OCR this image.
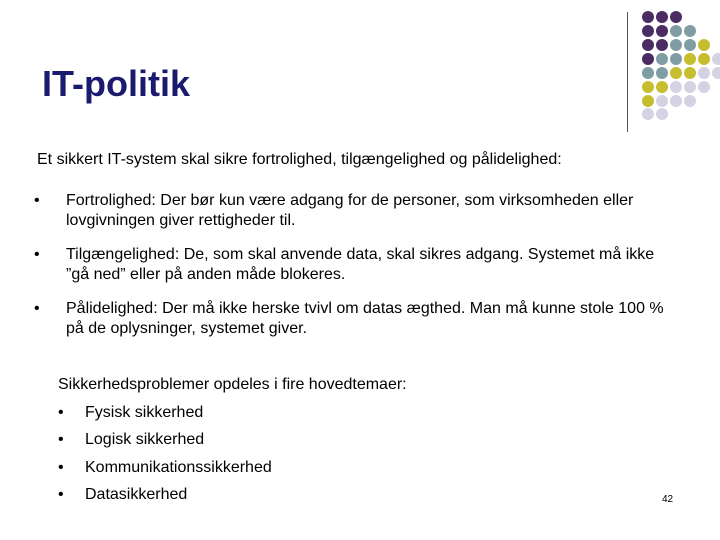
IT-politik
Et sikkert IT-system skal sikre fortrolighed, tilgængelighed og pålidelighed:
• Fortrolighed: Der bør kun være adgang for de personer, som virksomheden eller lovgivningen giver rettigheder til.
• Tilgængelighed: De, som skal anvende data, skal sikres adgang. Systemet må ikke ”gå ned” eller på anden måde blokeres.
• Pålidelighed: Der må ikke herske tvivl om datas ægthed. Man må kunne stole 100 % på de oplysninger, systemet giver.
Sikkerhedsproblemer opdeles i fire hovedtemaer:
• Fysisk sikkerhed
• Logisk sikkerhed
• Kommunikationssikkerhed
• Datasikkerhed	42
